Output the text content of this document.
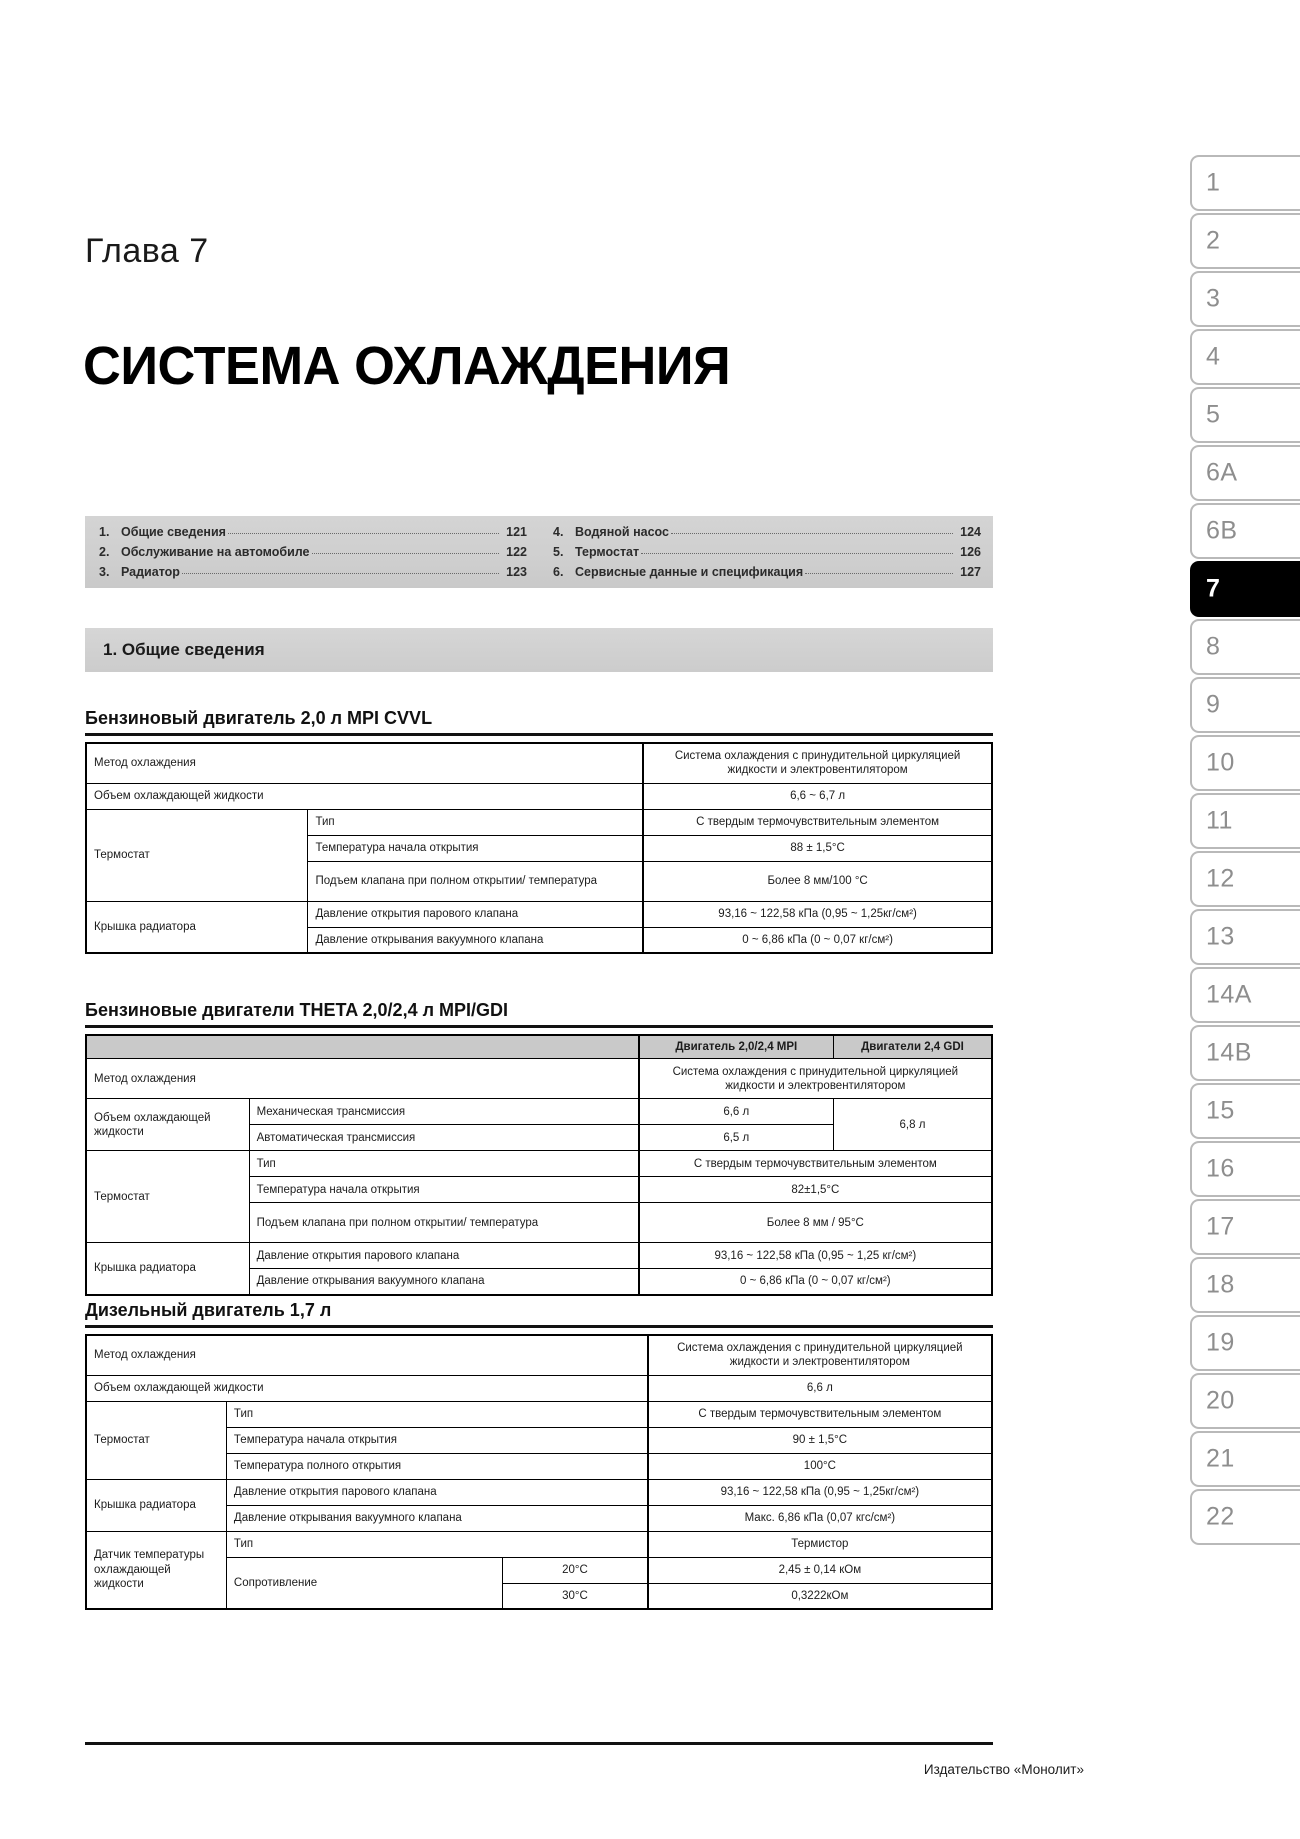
Глава 7
СИСТЕМА ОХЛАЖДЕНИЯ
1. Общие сведения	121
2. Обслуживание на автомобиле	122
3. Радиатор	123
4. Водяной насос	124
5. Термостат	126
6. Сервисные данные и спецификация	127
1. Общие сведения
Бензиновый двигатель 2,0 л MPI CVVL
Метод охлаждения		Система охлаждения с принудительной циркуляцией жидкости и электровентилятором
Объем охлаждающей жидкости		6,6 ~ 6,7 л
Термостат	Тип	С твердым термочувствительным элементом
	Температура начала открытия	88 ± 1,5°C
	Подъем клапана при полном открытии/ температура	Более 8 мм/100 °С
Крышка радиатора	Давление открытия парового клапана	93,16 ~ 122,58 кПа (0,95 ~ 1,25кг/см²)
	Давление открывания вакуумного клапана	0 ~ 6,86 кПа (0 ~ 0,07 кг/см²)
Бензиновые двигатели THETA 2,0/2,4 л MPI/GDI
		Двигатель 2,0/2,4 MPI	Двигатели 2,4 GDI
Метод охлаждения		Система охлаждения с принудительной циркуляцией жидкости и электровентилятором	
Объем охлаждающей жидкости	Механическая трансмиссия	6,6 л	6,8 л
	Автоматическая трансмиссия	6,5 л	
Термостат	Тип	С твердым термочувствительным элементом	
	Температура начала открытия	82±1,5°C	
	Подъем клапана при полном открытии/ температура	Более 8 мм / 95°С	
Крышка радиатора	Давление открытия парового клапана	93,16 ~ 122,58 кПа (0,95 ~ 1,25 кг/см²)	
	Давление открывания вакуумного клапана	0 ~ 6,86 кПа (0 ~ 0,07 кг/см²)	
Дизельный двигатель 1,7 л
Метод охлаждения			Система охлаждения с принудительной циркуляцией жидкости и электровентилятором
Объем охлаждающей жидкости			6,6 л
Термостат	Тип		С твердым термочувствительным элементом
	Температура начала открытия		90 ± 1,5°C
	Температура полного открытия		100°C
Крышка радиатора	Давление открытия парового клапана		93,16 ~ 122,58 кПа (0,95 ~ 1,25кг/см²)
	Давление открывания вакуумного клапана		Макс. 6,86 кПа (0,07 кгс/см²)
Датчик температуры охлаждающей жидкости	Тип		Термистор
	Сопротивление	20°C	2,45 ± 0,14 кОм
		30°C	0,3222кОм
1
2
3
4
5
6A
6B
7
8
9
10
11
12
13
14A
14B
15
16
17
18
19
20
21
22
Издательство «Монолит»
